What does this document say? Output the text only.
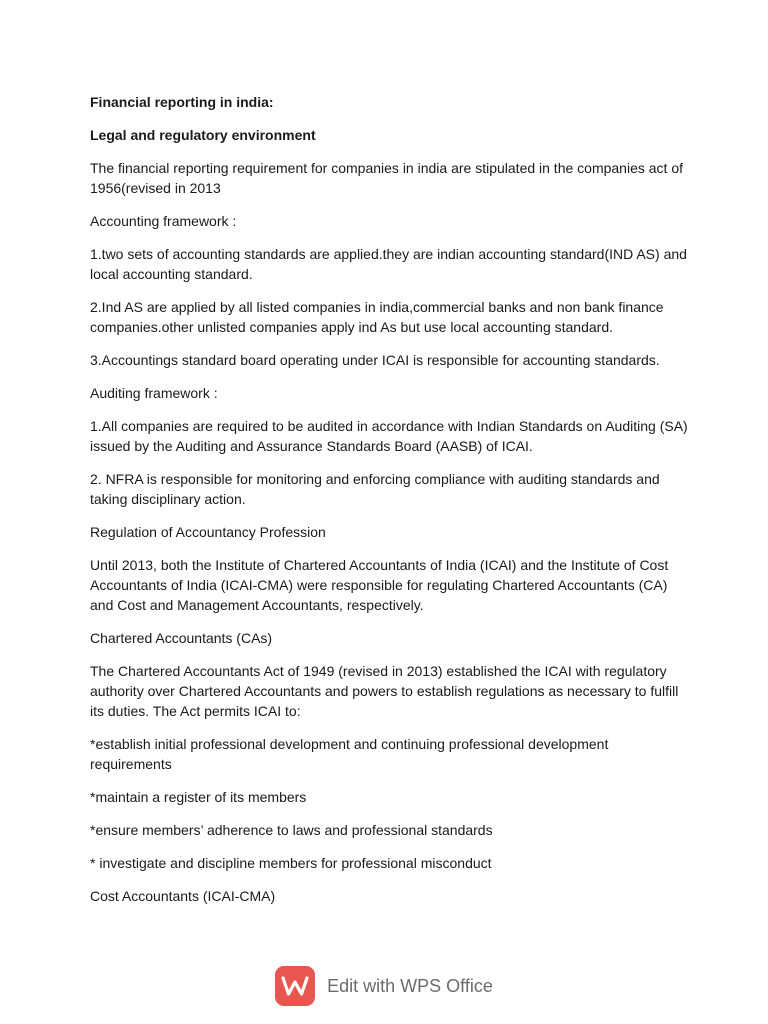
Financial reporting in india:

Legal and regulatory environment

The financial reporting requirement for companies in india are stipulated in the companies act of 1956(revised in 2013

Accounting framework :

1.two sets of accounting standards are applied.they are indian accounting standard(IND AS) and local accounting standard.

2.Ind AS are applied by all listed companies in india,commercial banks and non bank finance companies.other unlisted companies apply ind As but use local accounting standard.

3.Accountings standard board operating under ICAI is responsible for accounting standards.

Auditing framework :

1.All companies are required to be audited in accordance with Indian Standards on Auditing (SA) issued by the Auditing and Assurance Standards Board (AASB) of ICAI.

2. NFRA is responsible for monitoring and enforcing compliance with auditing standards and taking disciplinary action.

Regulation of Accountancy Profession

Until 2013, both the Institute of Chartered Accountants of India (ICAI) and the Institute of Cost Accountants of India (ICAI-CMA) were responsible for regulating Chartered Accountants (CA) and Cost and Management Accountants, respectively.

Chartered Accountants (CAs)

The Chartered Accountants Act of 1949 (revised in 2013) established the ICAI with regulatory authority over Chartered Accountants and powers to establish regulations as necessary to fulfill its duties. The Act permits ICAI to:

*establish initial professional development and continuing professional development requirements

*maintain a register of its members

*ensure members’ adherence to laws and professional standards

* investigate and discipline members for professional misconduct

Cost Accountants (ICAI-CMA)

Edit with WPS Office
